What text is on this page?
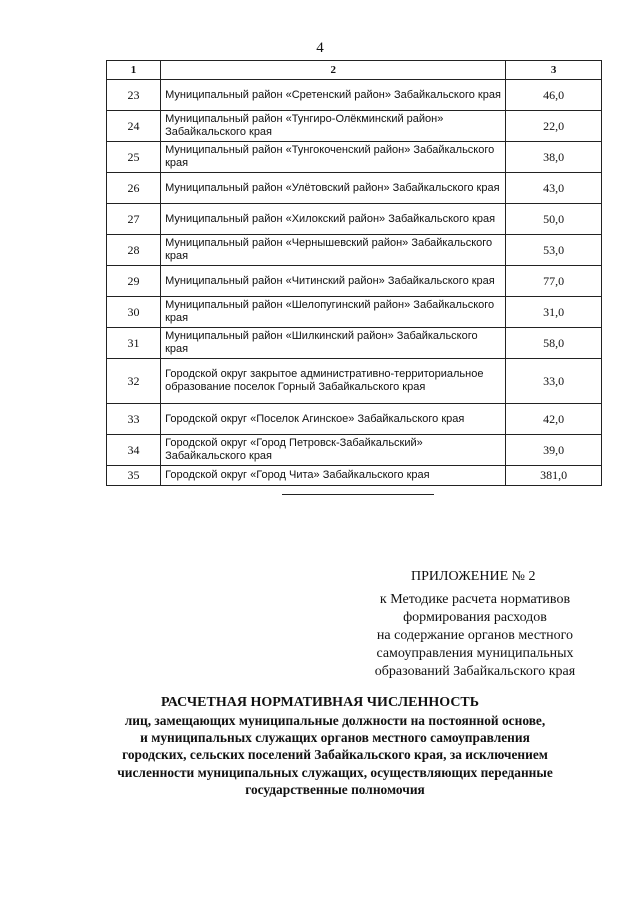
4
1	2	3
23	Муниципальный район «Сретенский район» Забайкальского края	46,0
24	Муниципальный район «Тунгиро-Олёкминский район» Забайкальского края	22,0
25	Муниципальный район «Тунгокоченский район» Забайкальского края	38,0
26	Муниципальный район «Улётовский район» Забайкальского края	43,0
27	Муниципальный район «Хилокский район» Забайкальского края	50,0
28	Муниципальный район «Чернышевский район» Забайкальского края	53,0
29	Муниципальный район «Читинский район» Забайкальского края	77,0
30	Муниципальный район «Шелопугинский район» Забайкальского края	31,0
31	Муниципальный район «Шилкинский район» Забайкальского края	58,0
32	Городской округ закрытое административно-территориальное образование поселок Горный Забайкальского края	33,0
33	Городской округ «Поселок Агинское» Забайкальского края	42,0
34	Городской округ «Город Петровск-Забайкальский» Забайкальского края	39,0
35	Городской округ «Город Чита» Забайкальского края	381,0
ПРИЛОЖЕНИЕ № 2
к Методике расчета нормативов
формирования расходов
на содержание органов местного
самоуправления муниципальных
образований Забайкальского края
РАСЧЕТНАЯ НОРМАТИВНАЯ ЧИСЛЕННОСТЬ
лиц, замещающих муниципальные должности на постоянной основе,
и муниципальных служащих органов местного самоуправления
городских, сельских поселений Забайкальского края, за исключением
численности муниципальных служащих, осуществляющих переданные
государственные полномочия
